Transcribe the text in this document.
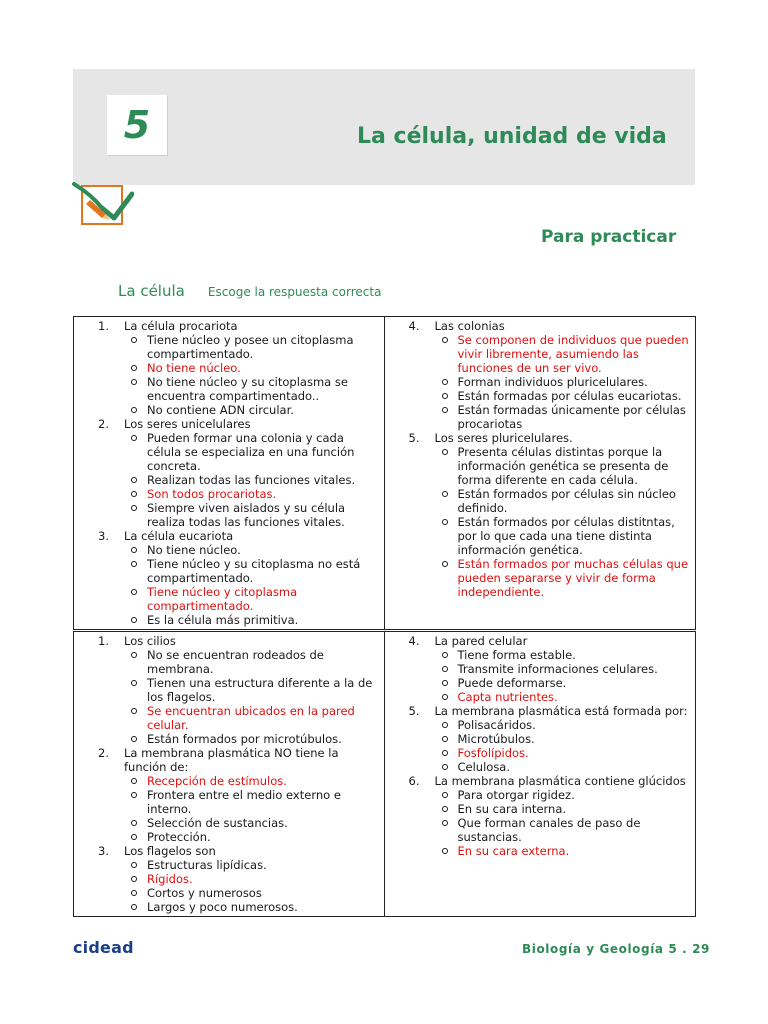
5	La célula, unidad de vida
Para practicar
La célula Escoge la respuesta correcta
1. La célula procariota
Tiene núcleo y posee un citoplasma compartimentado.
No tiene núcleo.
No tiene núcleo y su citoplasma se encuentra compartimentado..
No contiene ADN circular.
2. Los seres unicelulares
Pueden formar una colonia y cada célula se especializa en una función concreta.
Realizan todas las funciones vitales.
Son todos procariotas.
Siempre viven aislados y su célula realiza todas las funciones vitales.
3. La célula eucariota
No tiene núcleo.
Tiene núcleo y su citoplasma no está compartimentado.
Tiene núcleo y citoplasma compartimentado.
Es la célula más primitiva.
4. Las colonias
Se componen de individuos que pueden vivir libremente, asumiendo las funciones de un ser vivo.
Forman individuos pluricelulares.
Están formadas por células eucariotas.
Están formadas únicamente por células procariotas
5. Los seres pluricelulares.
Presenta células distintas porque la información genética se presenta de forma diferente en cada célula.
Están formados por células sin núcleo definido.
Están formados por células distitntas, por lo que cada una tiene distinta información genética.
Están formados por muchas células que pueden separarse y vivir de forma independiente.
1. Los cilios
No se encuentran rodeados de membrana.
Tienen una estructura diferente a la de los flagelos.
Se encuentran ubicados en la pared celular.
Están formados por microtúbulos.
2. La membrana plasmática NO tiene la función de:
Recepción de estímulos.
Frontera entre el medio externo e interno.
Selección de sustancias.
Protección.
3. Los flagelos son
Estructuras lipídicas.
Rígidos.
Cortos y numerosos
Largos y poco numerosos.
4. La pared celular
Tiene forma estable.
Transmite informaciones celulares.
Puede deformarse.
Capta nutrientes.
5. La membrana plasmática está formada por:
Polisacáridos.
Microtúbulos.
Fosfolípidos.
Celulosa.
6. La membrana plasmática contiene glúcidos
Para otorgar rigidez.
En su cara interna.
Que forman canales de paso de sustancias.
En su cara externa.
cidead	Biología y Geología 5 . 29
